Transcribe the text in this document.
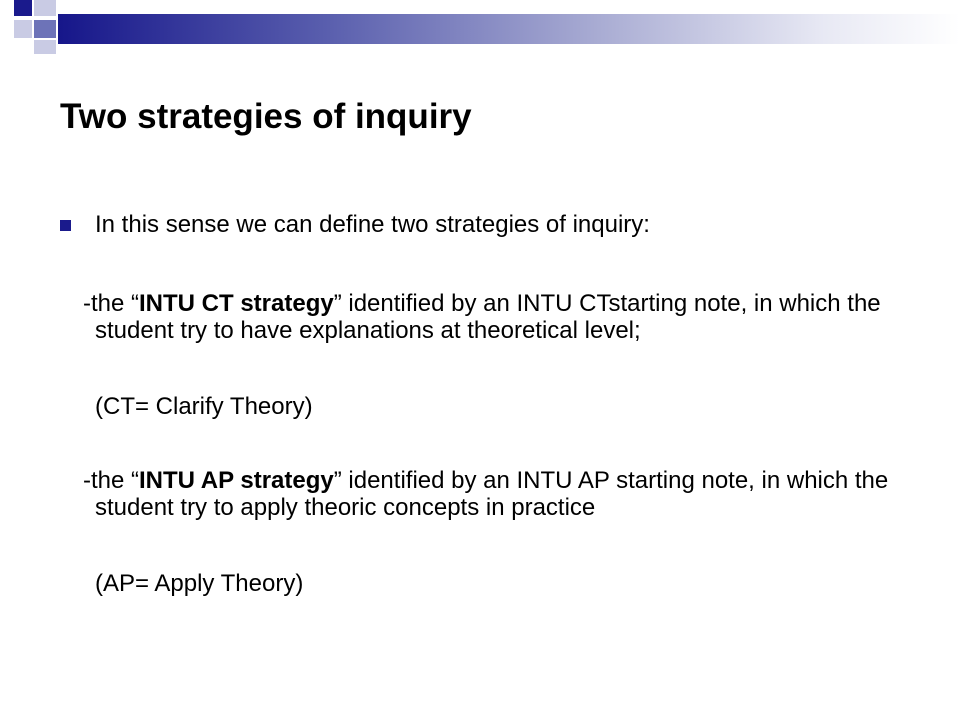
Two strategies of inquiry
In this sense we can define two strategies of inquiry:
-the “INTU CT strategy” identified by an INTU CTstarting note, in which the student try to have explanations at theoretical level;
(CT= Clarify Theory)
-the “INTU AP strategy” identified by an INTU AP starting note, in which the student try to apply theoric concepts in practice
(AP= Apply Theory)
